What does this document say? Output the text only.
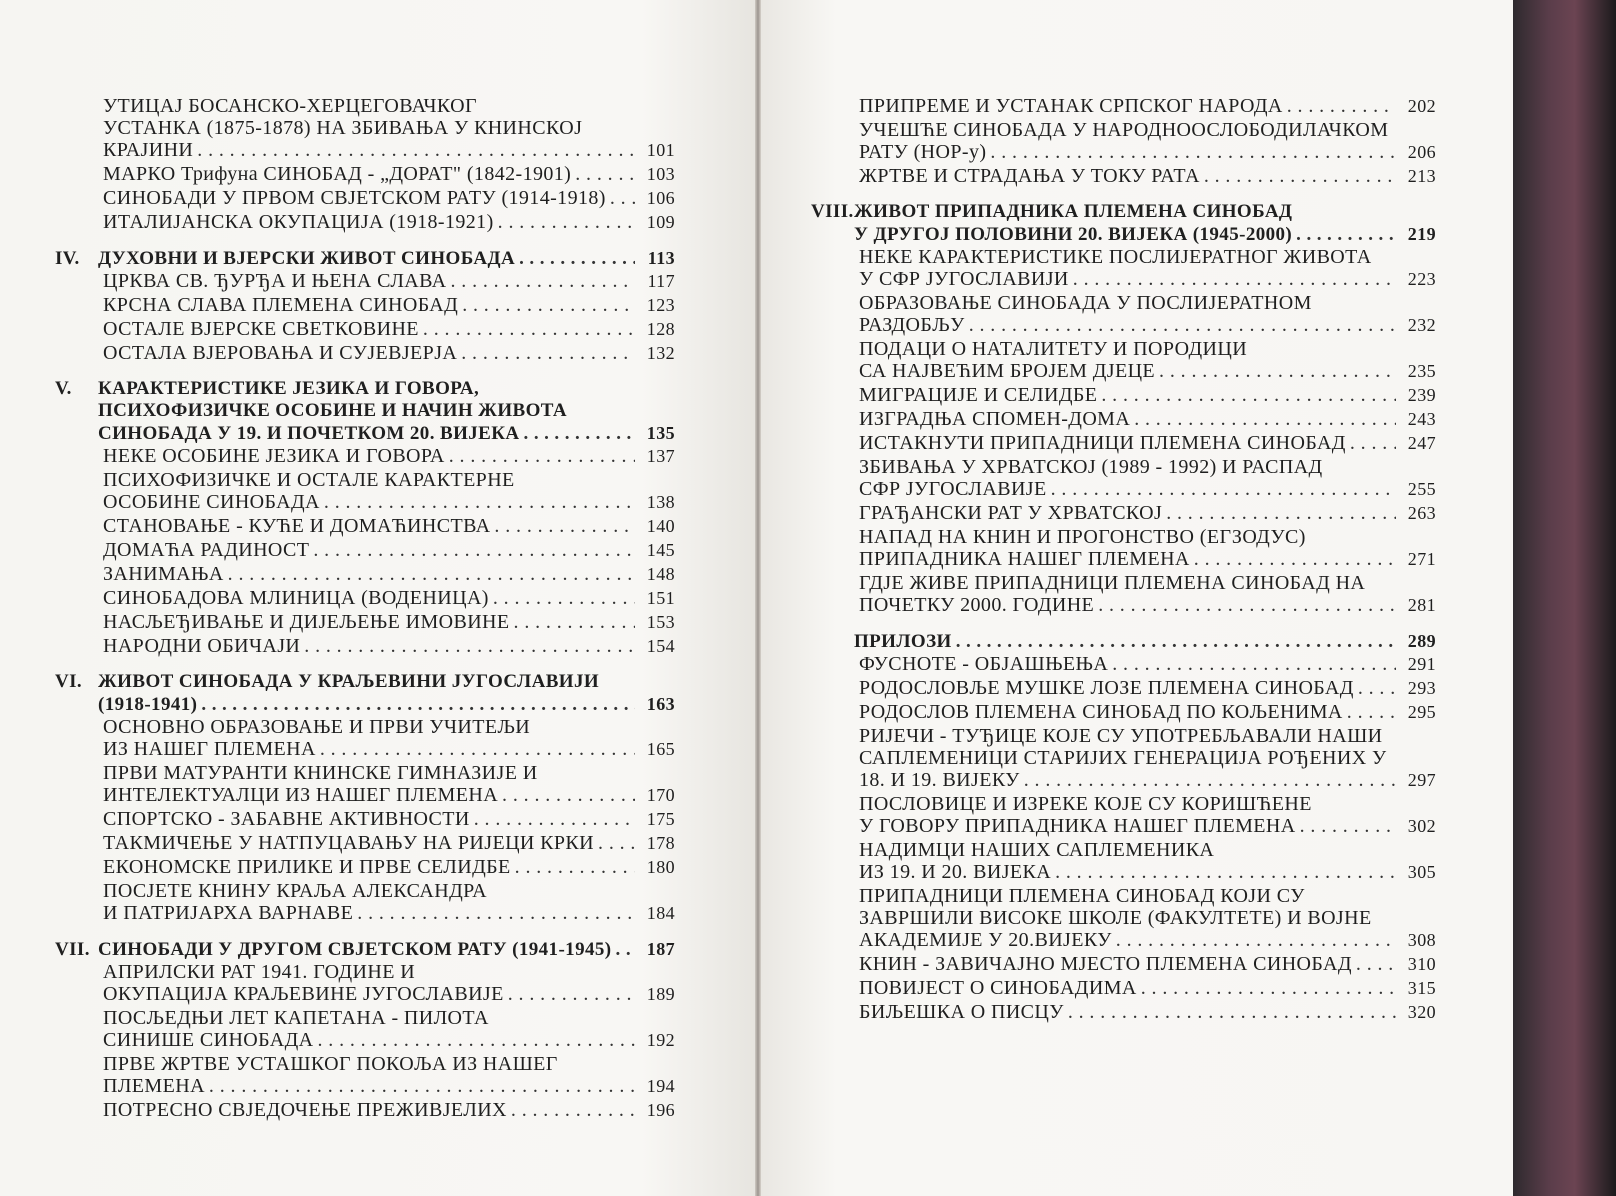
УТИЦАЈ БОСАНСКО-ХЕРЦЕГОВАЧКОГ
УСТАНКА (1875-1878) НА ЗБИВАЊА У КНИНСКОЈ
КРАЈИНИ . . .	101
МАРКО Трифуна СИНОБАД - „ДОРАТ" (1842-1901) . . .	103
СИНОБАДИ У ПРВОМ СВЈЕТСКОМ РАТУ (1914-1918) . . .	106
ИТАЛИЈАНСКА ОКУПАЦИЈА (1918-1921) . . .	109
IV. ДУХОВНИ И ВЈЕРСКИ ЖИВОТ СИНОБАДА . . .	113
ЦРКВА СВ. ЂУРЂА И ЊЕНА СЛАВА . . .	117
КРСНА СЛАВА ПЛЕМЕНА СИНОБАД . . .	123
ОСТАЛЕ ВЈЕРСКЕ СВЕТКОВИНЕ . . .	128
ОСТАЛА ВЈЕРОВАЊА И СУЈЕВЈЕРЈА . . .	132
V. КАРАКТЕРИСТИКЕ ЈЕЗИКА И ГОВОРА,
ПСИХОФИЗИЧКЕ ОСОБИНЕ И НАЧИН ЖИВОТА
СИНОБАДА У 19. И ПОЧЕТКОМ 20. ВИЈЕКА . . .	135
НЕКЕ ОСОБИНЕ ЈЕЗИКА И ГОВОРА . . .	137
ПСИХОФИЗИЧКЕ И ОСТАЛЕ КАРАКТЕРНЕ
ОСОБИНЕ СИНОБАДА . . .	138
СТАНОВАЊЕ - КУЋЕ И ДОМАЋИНСТВА . . .	140
ДОМАЋА РАДИНОСТ . . .	145
ЗАНИМАЊА . . .	148
СИНОБАДОВА МЛИНИЦА (ВОДЕНИЦА) . . .	151
НАСЉЕЂИВАЊЕ И ДИЈЕЉЕЊЕ ИМОВИНЕ . . .	153
НАРОДНИ ОБИЧАЈИ . . .	154
VI. ЖИВОТ СИНОБАДА У КРАЉЕВИНИ ЈУГОСЛАВИЈИ
(1918-1941) . . .	163
ОСНОВНО ОБРАЗОВАЊЕ И ПРВИ УЧИТЕЉИ
ИЗ НАШЕГ ПЛЕМЕНА . . .	165
ПРВИ МАТУРАНТИ КНИНСКЕ ГИМНАЗИЈЕ И
ИНТЕЛЕКТУАЛЦИ ИЗ НАШЕГ ПЛЕМЕНА . . .	170
СПОРТСКО - ЗАБАВНЕ АКТИВНОСТИ . . .	175
ТАКМИЧЕЊЕ У НАТПУЦАВАЊУ НА РИЈЕЦИ КРКИ . . .	178
ЕКОНОМСКЕ ПРИЛИКЕ И ПРВЕ СЕЛИДБЕ . . .	180
ПОСЈЕТЕ КНИНУ КРАЉА АЛЕКСАНДРА
И ПАТРИЈАРХА ВАРНАВЕ . . .	184
VII. СИНОБАДИ У ДРУГОМ СВЈЕТСКОМ РАТУ (1941-1945) . . .	187
АПРИЛСКИ РАТ 1941. ГОДИНЕ И
ОКУПАЦИЈА КРАЉЕВИНЕ ЈУГОСЛАВИЈЕ . . .	189
ПОСЉЕДЊИ ЛЕТ КАПЕТАНА - ПИЛОТА
СИНИШЕ СИНОБАДА . . .	192
ПРВЕ ЖРТВЕ УСТАШКОГ ПОКОЉА ИЗ НАШЕГ
ПЛЕМЕНА . . .	194
ПОТРЕСНО СВЈЕДОЧЕЊЕ ПРЕЖИВЈЕЛИХ . . .	196
ПРИПРЕМЕ И УСТАНАК СРПСКОГ НАРОДА . . .	202
УЧЕШЋЕ СИНОБАДА У НАРОДНООСЛОБОДИЛАЧКОМ
РАТУ (НОР-у) . . .	206
ЖРТВЕ И СТРАДАЊА У ТОКУ РАТА . . .	213
VIII.ЖИВОТ ПРИПАДНИКА ПЛЕМЕНА СИНОБАД
У ДРУГОЈ ПОЛОВИНИ 20. ВИЈЕКА (1945-2000) . . .	219
НЕКЕ КАРАКТЕРИСТИКЕ ПОСЛИЈЕРАТНОГ ЖИВОТА
У СФР ЈУГОСЛАВИЈИ . . .	223
ОБРАЗОВАЊЕ СИНОБАДА У ПОСЛИЈЕРАТНОМ
РАЗДОБЉУ . . .	232
ПОДАЦИ О НАТАЛИТЕТУ И ПОРОДИЦИ
СА НАЈВЕЋИМ БРОЈЕМ ДЈЕЦЕ . . .	235
МИГРАЦИЈЕ И СЕЛИДБЕ . . .	239
ИЗГРАДЊА СПОМЕН-ДОМА . . .	243
ИСТАКНУТИ ПРИПАДНИЦИ ПЛЕМЕНА СИНОБАД . . .	247
ЗБИВАЊА У ХРВАТСКОЈ (1989 - 1992) И РАСПАД
СФР ЈУГОСЛАВИЈЕ . . .	255
ГРАЂАНСКИ РАТ У ХРВАТСКОЈ . . .	263
НАПАД НА КНИН И ПРОГОНСТВО (ЕГЗОДУС)
ПРИПАДНИКА НАШЕГ ПЛЕМЕНА . . .	271
ГДЈЕ ЖИВЕ ПРИПАДНИЦИ ПЛЕМЕНА СИНОБАД НА
ПОЧЕТКУ 2000. ГОДИНЕ . . .	281
ПРИЛОЗИ . . .	289
ФУСНОТЕ - ОБЈАШЊЕЊА . . .	291
РОДОСЛОВЉЕ МУШКЕ ЛОЗЕ ПЛЕМЕНА СИНОБАД . . .	293
РОДОСЛОВ ПЛЕМЕНА СИНОБАД ПО КОЉЕНИМА . . .	295
РИЈЕЧИ - ТУЂИЦЕ КОЈЕ СУ УПОТРЕБЉАВАЛИ НАШИ
САПЛЕМЕНИЦИ СТАРИЈИХ ГЕНЕРАЦИЈА РОЂЕНИХ У
18. И 19. ВИЈЕКУ . . .	297
ПОСЛОВИЦЕ И ИЗРЕКЕ КОЈЕ СУ КОРИШЋЕНЕ
У ГОВОРУ ПРИПАДНИКА НАШЕГ ПЛЕМЕНА . . .	302
НАДИМЦИ НАШИХ САПЛЕМЕНИКА
ИЗ 19. И 20. ВИЈЕКА . . .	305
ПРИПАДНИЦИ ПЛЕМЕНА СИНОБАД КОЈИ СУ
ЗАВРШИЛИ ВИСОКЕ ШКОЛЕ (ФАКУЛТЕТЕ) И ВОЈНЕ
АКАДЕМИЈЕ У 20.ВИЈЕКУ . . .	308
КНИН - ЗАВИЧАЈНО МЈЕСТО ПЛЕМЕНА СИНОБАД . . .	310
ПОВИЈЕСТ О СИНОБАДИМА . . .	315
БИЉЕШКА О ПИСЦУ . . .	320
